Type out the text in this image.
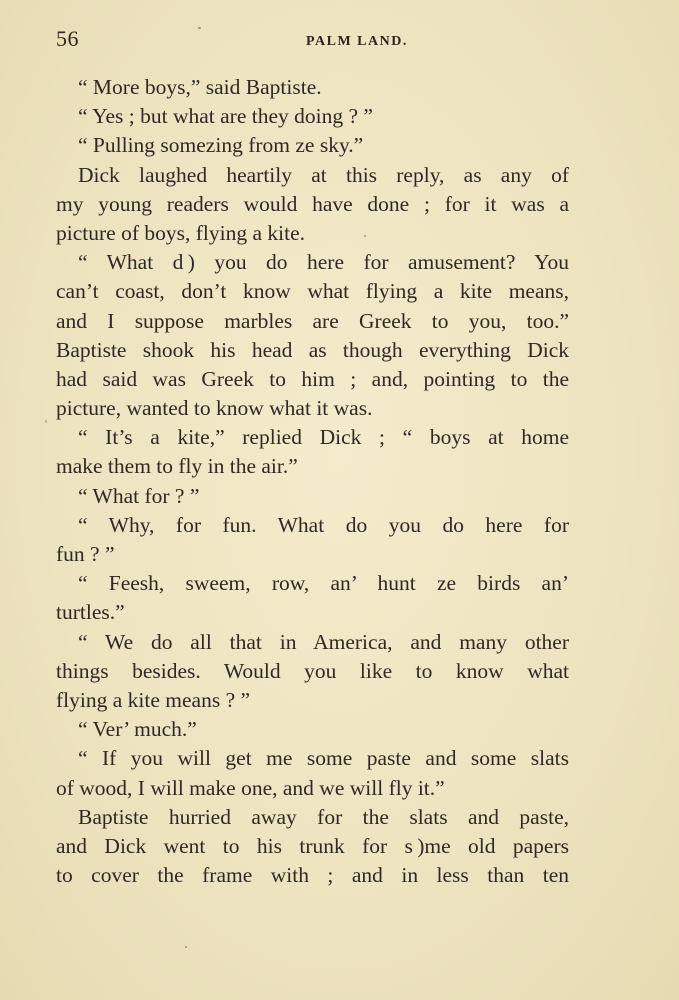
56	PALM LAND.
“ More boys,” said Baptiste.
“ Yes ; but what are they doing ? ”
“ Pulling somezing from ze sky.”
Dick laughed heartily at this reply, as any of
my young readers would have done ; for it was a
picture of boys, flying a kite.
“ What d ) you do here for amusement? You
can’t coast, don’t know what flying a kite means,
and I suppose marbles are Greek to you, too.”
Baptiste shook his head as though everything Dick
had said was Greek to him ; and, pointing to the
picture, wanted to know what it was.
“ It’s a kite,” replied Dick ; “ boys at home
make them to fly in the air.”
“ What for ? ”
“ Why, for fun. What do you do here for
fun ? ”
“ Feesh, sweem, row, an’ hunt ze birds an’
turtles.”
“ We do all that in America, and many other
things besides. Would you like to know what
flying a kite means ? ”
“ Ver’ much.”
“ If you will get me some paste and some slats
of wood, I will make one, and we will fly it.”
Baptiste hurried away for the slats and paste,
and Dick went to his trunk for s )me old papers
to cover the frame with ; and in less than ten
